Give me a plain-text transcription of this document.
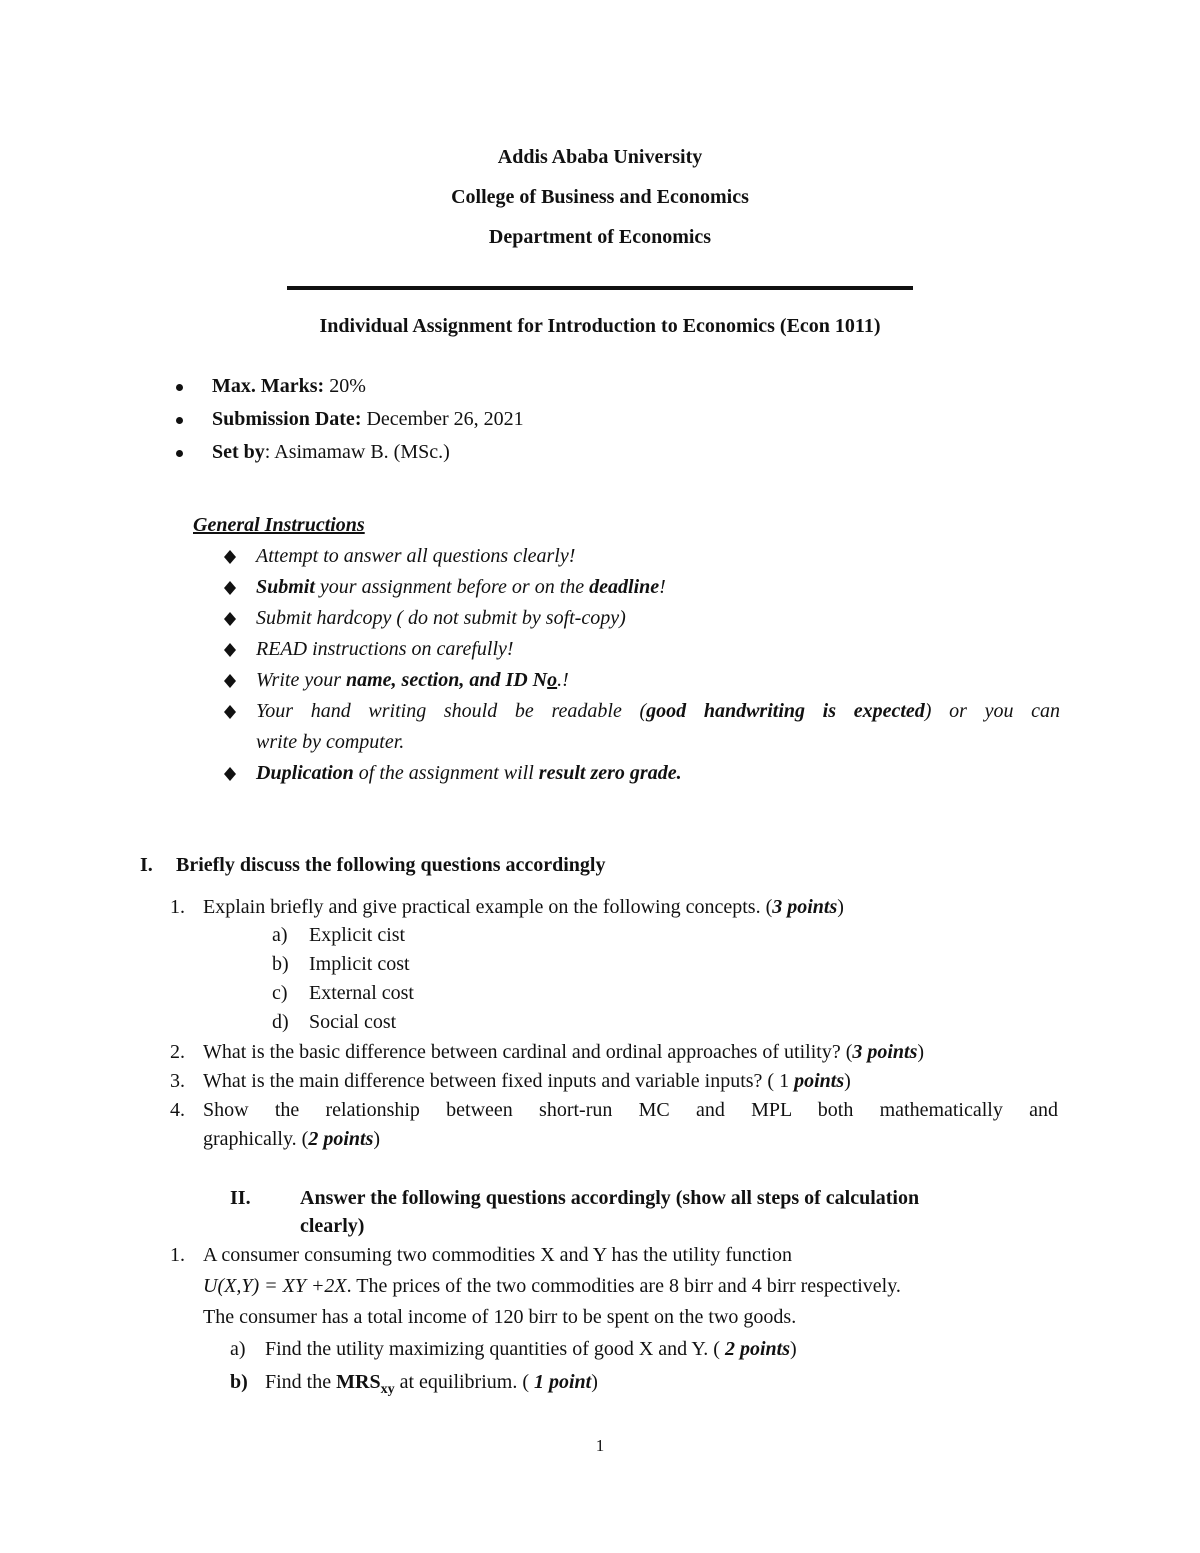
Addis Ababa University
College of Business and Economics
Department of Economics
Individual Assignment for Introduction to Economics (Econ 1011)
Max. Marks: 20%
Submission Date: December 26, 2021
Set by: Asimamaw B. (MSc.)
General Instructions
Attempt to answer all questions clearly!
Submit your assignment before or on the deadline!
Submit hardcopy ( do not submit by soft-copy)
READ instructions on carefully!
Write your name, section, and ID No.!
Your hand writing should be readable (good handwriting is expected) or you can
write by computer.
Duplication of the assignment will result zero grade.
I. Briefly discuss the following questions accordingly
1. Explain briefly and give practical example on the following concepts. (3 points)
a) Explicit cist
b) Implicit cost
c) External cost
d) Social cost
2. What is the basic difference between cardinal and ordinal approaches of utility? (3 points)
3. What is the main difference between fixed inputs and variable inputs? ( 1 points)
4. Show the relationship between short-run MC and MPL both mathematically and
graphically. (2 points)
II. Answer the following questions accordingly (show all steps of calculation
clearly)
1. A consumer consuming two commodities X and Y has the utility function
U(X,Y) = XY +2X. The prices of the two commodities are 8 birr and 4 birr respectively.
The consumer has a total income of 120 birr to be spent on the two goods.
a) Find the utility maximizing quantities of good X and Y. ( 2 points)
b) Find the $MRS_{xy}$ at equilibrium. ( 1 point)
1
